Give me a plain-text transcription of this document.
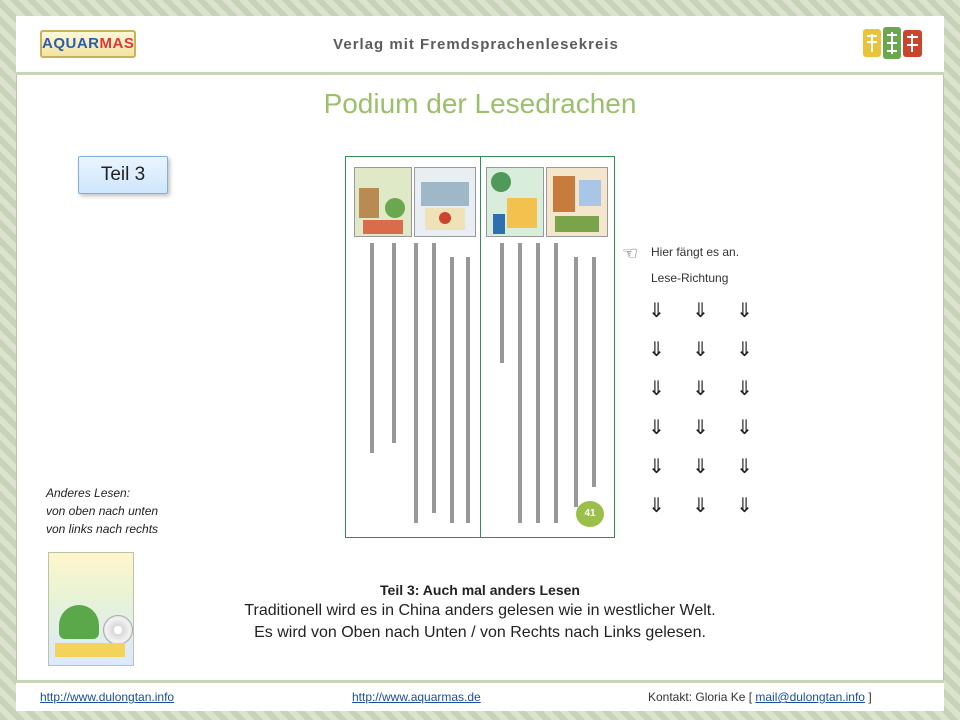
AQUARMAS	Verlag mit Fremdsprachenlesekreis
Podium der Lesedrachen
Teil 3
41
☜ Hier fängt es an.
Lese-Richtung
⇓ ⇓ ⇓
⇓ ⇓ ⇓
⇓ ⇓ ⇓
⇓ ⇓ ⇓
⇓ ⇓ ⇓
⇓ ⇓ ⇓
Anderes Lesen:
von oben nach unten
von links nach rechts
Teil 3: Auch mal anders Lesen
Traditionell wird es in China anders gelesen wie in westlicher Welt.
Es wird von Oben nach Unten / von Rechts nach Links gelesen.
http://www.dulongtan.info	http://www.aquarmas.de	Kontakt: Gloria Ke [ mail@dulongtan.info ]
